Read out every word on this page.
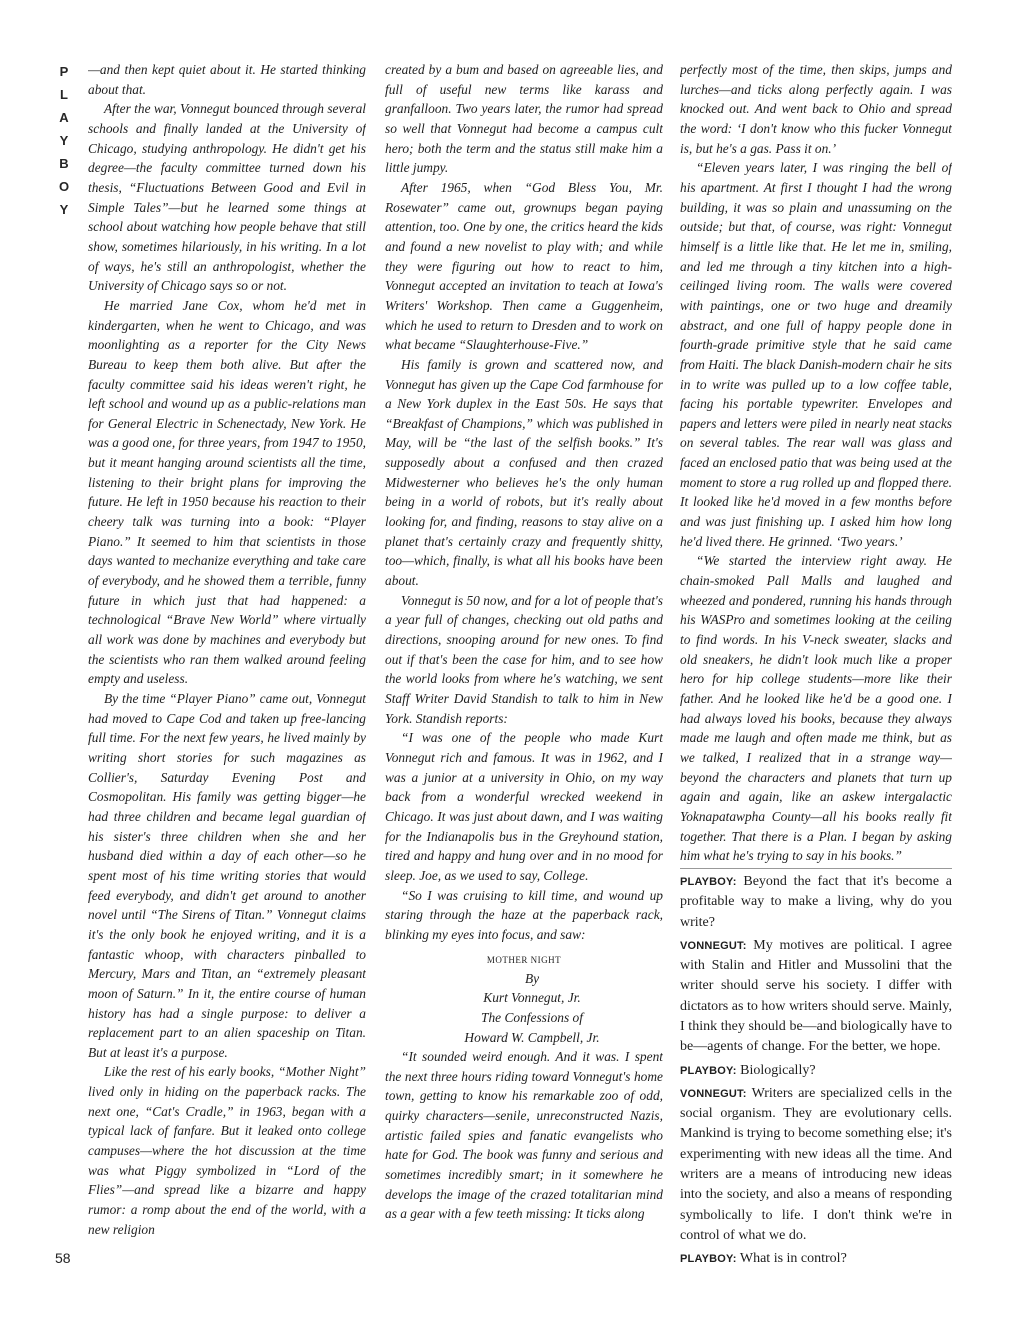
P
L
A
Y
B
O
Y
58

—and then kept quiet about it. He started thinking about that.

After the war, Vonnegut bounced through several schools and finally landed at the University of Chicago, studying anthropology. He didn't get his degree—the faculty committee turned down his thesis, “Fluctuations Between Good and Evil in Simple Tales”—but he learned some things at school about watching how people behave that still show, sometimes hilariously, in his writing. In a lot of ways, he's still an anthropologist, whether the University of Chicago says so or not.

He married Jane Cox, whom he'd met in kindergarten, when he went to Chicago, and was moonlighting as a reporter for the City News Bureau to keep them both alive. But after the faculty committee said his ideas weren't right, he left school and wound up as a public-relations man for General Electric in Schenectady, New York. He was a good one, for three years, from 1947 to 1950, but it meant hanging around scientists all the time, listening to their bright plans for improving the future. He left in 1950 because his reaction to their cheery talk was turning into a book: “Player Piano.” It seemed to him that scientists in those days wanted to mechanize everything and take care of everybody, and he showed them a terrible, funny future in which just that had happened: a technological “Brave New World” where virtually all work was done by machines and everybody but the scientists who ran them walked around feeling empty and useless.

By the time “Player Piano” came out, Vonnegut had moved to Cape Cod and taken up free-lancing full time. For the next few years, he lived mainly by writing short stories for such magazines as Collier's, Saturday Evening Post and Cosmopolitan. His family was getting bigger—he had three children and became legal guardian of his sister's three children when she and her husband died within a day of each other—so he spent most of his time writing stories that would feed everybody, and didn't get around to another novel until “The Sirens of Titan.” Vonnegut claims it's the only book he enjoyed writing, and it is a fantastic whoop, with characters pinballed to Mercury, Mars and Titan, an “extremely pleasant moon of Saturn.” In it, the entire course of human history has had a single purpose: to deliver a replacement part to an alien spaceship on Titan. But at least it's a purpose.

Like the rest of his early books, “Mother Night” lived only in hiding on the paperback racks. The next one, “Cat's Cradle,” in 1963, began with a typical lack of fanfare. But it leaked onto college campuses—where the hot discussion at the time was what Piggy symbolized in “Lord of the Flies”—and spread like a bizarre and happy rumor: a romp about the end of the world, with a new religion

created by a bum and based on agreeable lies, and full of useful new terms like karass and granfalloon. Two years later, the rumor had spread so well that Vonnegut had become a campus cult hero; both the term and the status still make him a little jumpy.

After 1965, when “God Bless You, Mr. Rosewater” came out, grownups began paying attention, too. One by one, the critics heard the kids and found a new novelist to play with; and while they were figuring out how to react to him, Vonnegut accepted an invitation to teach at Iowa's Writers' Workshop. Then came a Guggenheim, which he used to return to Dresden and to work on what became “Slaughterhouse-Five.”

His family is grown and scattered now, and Vonnegut has given up the Cape Cod farmhouse for a New York duplex in the East 50s. He says that “Breakfast of Champions,” which was published in May, will be “the last of the selfish books.” It's supposedly about a confused and then crazed Midwesterner who believes he's the only human being in a world of robots, but it's really about looking for, and finding, reasons to stay alive on a planet that's certainly crazy and frequently shitty, too—which, finally, is what all his books have been about.

Vonnegut is 50 now, and for a lot of people that's a year full of changes, checking out old paths and directions, snooping around for new ones. To find out if that's been the case for him, and to see how the world looks from where he's watching, we sent Staff Writer David Standish to talk to him in New York. Standish reports:

“I was one of the people who made Kurt Vonnegut rich and famous. It was in 1962, and I was a junior at a university in Ohio, on my way back from a wonderful wrecked weekend in Chicago. It was just about dawn, and I was waiting for the Indianapolis bus in the Greyhound station, tired and happy and hung over and in no mood for sleep. Joe, as we used to say, College.

“So I was cruising to kill time, and wound up staring through the haze at the paperback rack, blinking my eyes into focus, and saw:

MOTHER NIGHT

By

Kurt Vonnegut, Jr.

The Confessions of

Howard W. Campbell, Jr.

“It sounded weird enough. And it was. I spent the next three hours riding toward Vonnegut's home town, getting to know his remarkable zoo of odd, quirky characters—senile, unreconstructed Nazis, artistic failed spies and fanatic evangelists who hate for God. The book was funny and serious and sometimes incredibly smart; in it somewhere he develops the image of the crazed totalitarian mind as a gear with a few teeth missing: It ticks along

perfectly most of the time, then skips, jumps and lurches—and ticks along perfectly again. I was knocked out. And went back to Ohio and spread the word: ‘I don't know who this fucker Vonnegut is, but he's a gas. Pass it on.’

“Eleven years later, I was ringing the bell of his apartment. At first I thought I had the wrong building, it was so plain and unassuming on the outside; but that, of course, was right: Vonnegut himself is a little like that. He let me in, smiling, and led me through a tiny kitchen into a high-ceilinged living room. The walls were covered with paintings, one or two huge and dreamily abstract, and one full of happy people done in fourth-grade primitive style that he said came from Haiti. The black Danish-modern chair he sits in to write was pulled up to a low coffee table, facing his portable typewriter. Envelopes and papers and letters were piled in nearly neat stacks on several tables. The rear wall was glass and faced an enclosed patio that was being used at the moment to store a rug rolled up and flopped there. It looked like he'd moved in a few months before and was just finishing up. I asked him how long he'd lived there. He grinned. ‘Two years.’

“We started the interview right away. He chain-smoked Pall Malls and laughed and wheezed and pondered, running his hands through his WASPro and sometimes looking at the ceiling to find words. In his V-neck sweater, slacks and old sneakers, he didn't look much like a proper hero for hip college students—more like their father. And he looked like he'd be a good one. I had always loved his books, because they always made me laugh and often made me think, but as we talked, I realized that in a strange way—beyond the characters and planets that turn up again and again, like an askew intergalactic Yoknapatawpha County—all his books really fit together. That there is a Plan. I began by asking him what he's trying to say in his books.”

PLAYBOY: Beyond the fact that it's become a profitable way to make a living, why do you write?

VONNEGUT: My motives are political. I agree with Stalin and Hitler and Mussolini that the writer should serve his society. I differ with dictators as to how writers should serve. Mainly, I think they should be—and biologically have to be—agents of change. For the better, we hope.

PLAYBOY: Biologically?

VONNEGUT: Writers are specialized cells in the social organism. They are evolutionary cells. Mankind is trying to become something else; it's experimenting with new ideas all the time. And writers are a means of introducing new ideas into the society, and also a means of responding symbolically to life. I don't think we're in control of what we do.

PLAYBOY: What is in control?
